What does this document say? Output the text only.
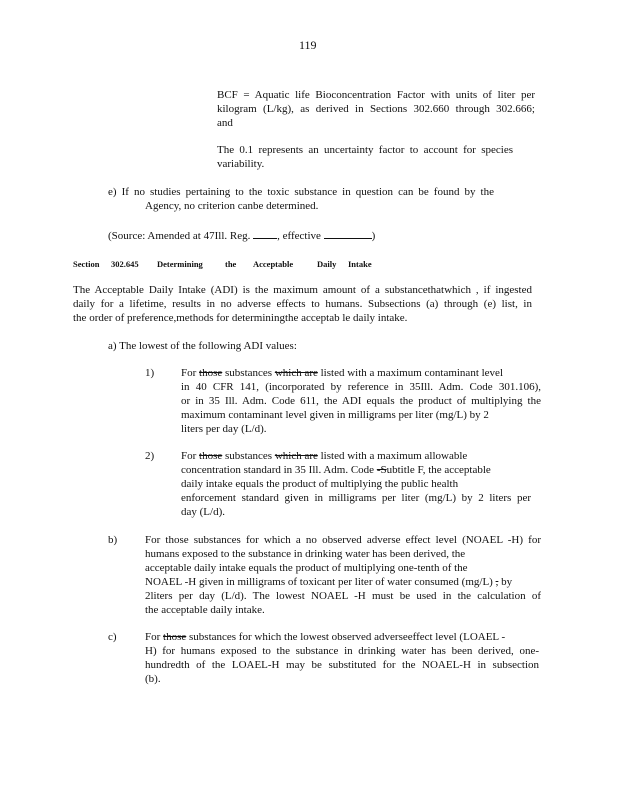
119
BCF = Aquatic life Bioconcentration Factor with units of liter per
kilogram (L/kg), as derived in Sections 302.660 through 302.666;
and
The 0.1 represents an uncertainty factor to account for species
variability.
e) If no studies pertaining to the toxic substance in question can be found by the
Agency, no criterion canbe determined.
(Source: Amended at 47Ill. Reg. , effective	)
Section 302.645 Determining	the Acceptable	Daily Intake
The Acceptable Daily Intake (ADI) is the maximum amount of a substancethatwhich , if ingested
daily for a lifetime, results in no adverse effects to humans. Subsections (a) through (e) list, in
the order of preference,methods for determiningthe acceptab le daily intake.
a) The lowest of the following ADI values:
1) For those substances which are listed with a maximum contaminant level
in 40 CFR 141, (incorporated by reference in 35Ill. Adm. Code 301.106),
or in 35 Ill. Adm. Code 611, the ADI equals the product of multiplying the
maximum contaminant level given in milligrams per liter (mg/L) by 2
liters per day (L/d).
2) For those substances which are listed with a maximum allowable
concentration standard in 35 Ill. Adm. Code -Subtitle F, the acceptable
daily intake equals the product of multiplying the public health
enforcement standard given in milligrams per liter (mg/L) by 2 liters per
day (L/d).
b)	For those substances for which a no observed adverse effect level (NOAEL -H) for
humans exposed to the substance in drinking water has been derived, the
acceptable daily intake equals the product of multiplying one-tenth of the
NOAEL -H given in milligrams of toxicant per liter of water consumed (mg/L) , by
2liters per day (L/d). The lowest NOAEL -H must be used in the calculation of
the acceptable daily intake.
c)	For those substances for which the lowest observed adverseeffect level (LOAEL -
H) for humans exposed to the substance in drinking water has been derived, one-
hundredth of the LOAEL-H may be substituted for the NOAEL-H in subsection
(b).
